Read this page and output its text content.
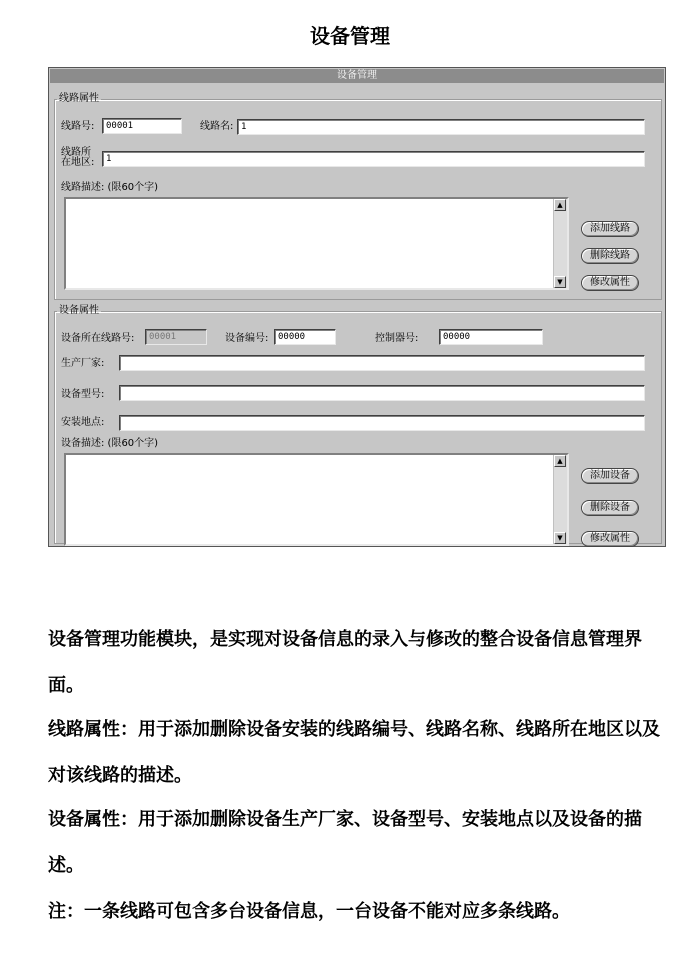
设备管理
设备管理
线路属性
线路号:	00001	线路名: 1
线路所
在地区:	1
线路描述: (限60个字)
▲
▼
添加线路
删除线路
修改属性
设备属性
设备所在线路号:	00001	设备编号:	00000	控制器号:	00000
生产厂家:
设备型号:
安装地点:
设备描述: (限60个字)
▲
▼
添加设备
删除设备
修改属性
设备管理功能模块，是实现对设备信息的录入与修改的整合设备信息管理界面。
线路属性：用于添加删除设备安装的线路编号、线路名称、线路所在地区以及对该线路的描述。
设备属性：用于添加删除设备生产厂家、设备型号、安装地点以及设备的描述。
注：一条线路可包含多台设备信息，一台设备不能对应多条线路。
